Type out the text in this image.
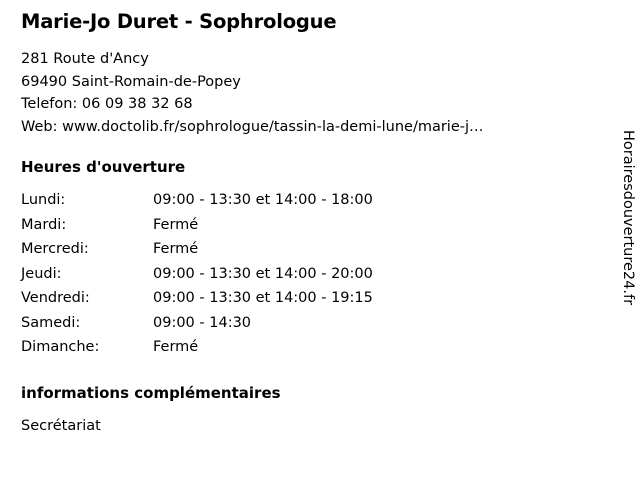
Marie-Jo Duret - Sophrologue
281 Route d'Ancy
69490 Saint-Romain-de-Popey
Telefon: 06 09 38 32 68
Web: www.doctolib.fr/sophrologue/tassin-la-demi-lune/marie-j…
Heures d'ouverture
Lundi:	09:00 - 13:30 et 14:00 - 18:00
Mardi:	Fermé
Mercredi:	Fermé
Jeudi:	09:00 - 13:30 et 14:00 - 20:00
Vendredi:	09:00 - 13:30 et 14:00 - 19:15
Samedi:	09:00 - 14:30
Dimanche:	Fermé
informations complémentaires
Secrétariat
Horairesdouverture24.fr
